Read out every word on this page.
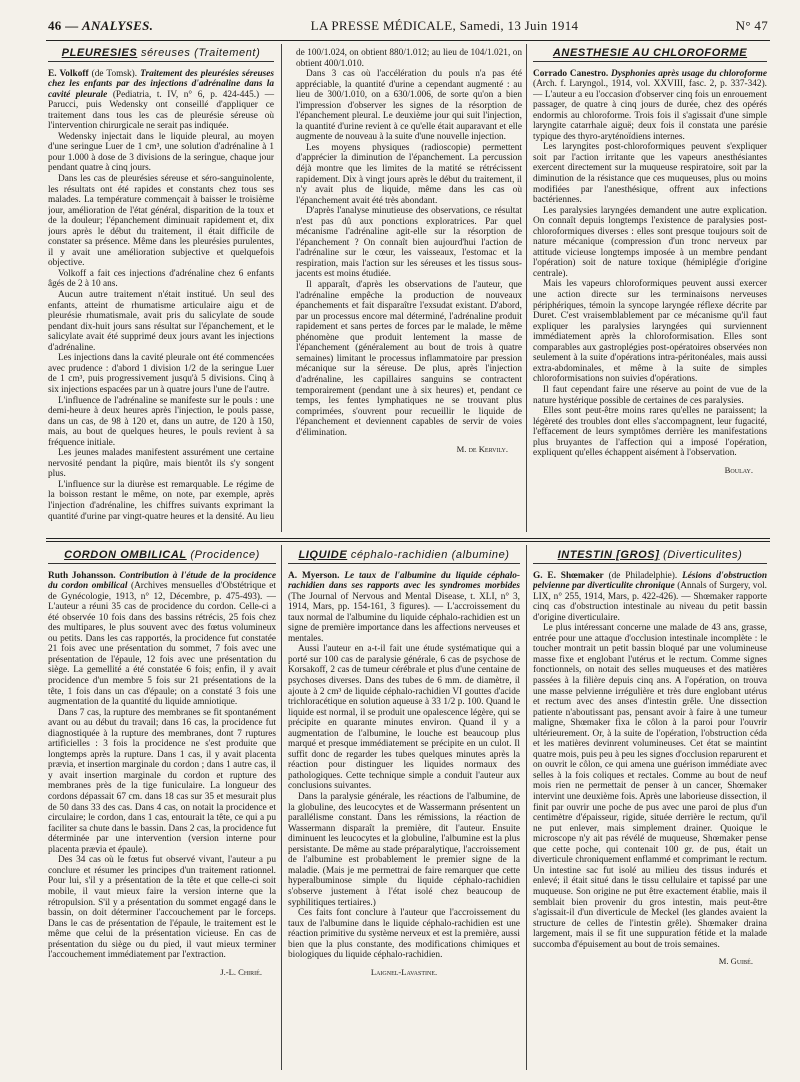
46 — ANALYSES.	LA PRESSE MÉDICALE, Samedi, 13 Juin 1914	N° 47
PLEURÉSIES séreuses (Traitement)

E. Volkoff (de Tomsk). Traitement des pleurésies séreuses chez les enfants par des injections d'adrénaline dans la cavité pleurale (Pediatria, t. IV, n° 6, p. 424-445.) — Parucci, puis Wedensky ont conseillé d'appliquer ce traitement dans tous les cas de pleurésie séreuse où l'intervention chirurgicale ne serait pas indiquée.

Wedensky injectait dans le liquide pleural, au moyen d'une seringue Luer de 1 cm³, une solution d'adrénaline à 1 pour 1.000 à dose de 3 divisions de la seringue, chaque jour pendant quatre à cinq jours.

Dans les cas de pleurésies séreuse et séro-sanguinolente, les résultats ont été rapides et constants chez tous ses malades. La température commençait à baisser le troisième jour, amélioration de l'état général, disparition de la toux et de la douleur; l'épanchement diminuait rapidement et, dix jours après le début du traitement, il était difficile de constater sa présence. Même dans les pleurésies purulentes, il y avait une amélioration subjective et quelquefois objective.

Volkoff a fait ces injections d'adrénaline chez 6 enfants âgés de 2 à 10 ans.

Aucun autre traitement n'était institué. Un seul des enfants, atteint de rhumatisme articulaire aigu et de pleurésie rhumatismale, avait pris du salicylate de soude pendant dix-huit jours sans résultat sur l'épanchement, et le salicylate avait été supprimé deux jours avant les injections d'adrénaline.

Les injections dans la cavité pleurale ont été commencées avec prudence : d'abord 1 division 1/2 de la seringue Luer de 1 cm³, puis progressivement jusqu'à 5 divisions. Cinq à six injections espacées par un à quatre jours l'une de l'autre.

L'influence de l'adrénaline se manifeste sur le pouls : une demi-heure à deux heures après l'injection, le pouls passe, dans un cas, de 98 à 120 et, dans un autre, de 120 à 150, mais, au bout de quelques heures, le pouls revient à sa fréquence initiale.

Les jeunes malades manifestent assurément une certaine nervosité pendant la piqûre, mais bientôt ils s'y songent plus.

L'influence sur la diurèse est remarquable. Le régime de la boisson restant le même, on note, par exemple, après l'injection d'adrénaline, les chiffres suivants exprimant la quantité d'urine par vingt-quatre heures et la densité. Au lieu de 100/1.024, on obtient 880/1.012; au lieu de 104/1.021, on obtient 400/1.010.

Dans 3 cas où l'accélération du pouls n'a pas été appréciable, la quantité d'urine a cependant augmenté : au lieu de 300/1.010, on a 630/1.006, de sorte qu'on a bien l'impression d'observer les signes de la résorption de l'épanchement pleural. Le deuxième jour qui suit l'injection, la quantité d'urine revient à ce qu'elle était auparavant et elle augmente de nouveau à la suite d'une nouvelle injection.

Les moyens physiques (radioscopie) permettent d'apprécier la diminution de l'épanchement. La percussion déjà montre que les limites de la matité se rétrécissent rapidement. Dix à vingt jours après le début du traitement, il n'y avait plus de liquide, même dans les cas où l'épanchement avait été très abondant.

D'après l'analyse minutieuse des observations, ce résultat n'est pas dû aux ponctions exploratrices. Par quel mécanisme l'adrénaline agit-elle sur la résorption de l'épanchement ? On connaît bien aujourd'hui l'action de l'adrénaline sur le cœur, les vaisseaux, l'estomac et la respiration, mais l'action sur les séreuses et les tissus sous-jacents est moins étudiée.

Il apparaît, d'après les observations de l'auteur, que l'adrénaline empêche la production de nouveaux épanchements et fait disparaître l'exsudat existant. D'abord, par un processus encore mal déterminé, l'adrénaline produit rapidement et sans pertes de forces par le malade, le même phénomène que produit lentement la masse de l'épanchement (généralement au bout de trois à quatre semaines) limitant le processus inflammatoire par pression mécanique sur la séreuse. De plus, après l'injection d'adrénaline, les capillaires sanguins se contractent temporairement (pendant une à six heures) et, pendant ce temps, les fentes lymphatiques ne se trouvant plus comprimées, s'ouvrent pour recueillir le liquide de l'épanchement et deviennent capables de servir de voies d'élimination.

M. de Kervily.
ANESTHÉSIE AU CHLOROFORME

Corrado Canestro. Dysphonies après usage du chloroforme (Arch. f. Laryngol., 1914, vol. XXVIII, fasc. 2, p. 337-342). — L'auteur a eu l'occasion d'observer cinq fois un enrouement passager, de quatre à cinq jours de durée, chez des opérés endormis au chloroforme. Trois fois il s'agissait d'une simple laryngite catarrhale aiguë; deux fois il constata une parésie typique des thyro-aryténoïdiens internes.

Les laryngites post-chloroformiques peuvent s'expliquer soit par l'action irritante que les vapeurs anesthésiantes exercent directement sur la muqueuse respiratoire, soit par la diminution de la résistance que ces muqueuses, plus ou moins modifiées par l'anesthésique, offrent aux infections bactériennes.

Les paralysies laryngées demandent une autre explication. On connaît depuis longtemps l'existence de paralysies post-chloroformiques diverses : elles sont presque toujours soit de nature mécanique (compression d'un tronc nerveux par attitude vicieuse longtemps imposée à un membre pendant l'opération) soit de nature toxique (hémiplégie d'origine centrale).

Mais les vapeurs chloroformiques peuvent aussi exercer une action directe sur les terminaisons nerveuses périphériques, témoin la syncope laryngée réflexe décrite par Duret. C'est vraisemblablement par ce mécanisme qu'il faut expliquer les paralysies laryngées qui surviennent immédiatement après la chloroformisation. Elles sont comparables aux gastroplégies post-opératoires observées non seulement à la suite d'opérations intra-péritonéales, mais aussi extra-abdominales, et même à la suite de simples chloroformisations non suivies d'opérations.

Il faut cependant faire une réserve au point de vue de la nature hystérique possible de certaines de ces paralysies.

Elles sont peut-être moins rares qu'elles ne paraissent; la légèreté des troubles dont elles s'accompagnent, leur fugacité, l'effacement de leurs symptômes derrière les manifestations plus bruyantes de l'affection qui a imposé l'opération, expliquent qu'elles échappent aisément à l'observation.

Boulay.
CORDON OMBILICAL (Procidence)

Ruth Johansson. Contribution à l'étude de la procidence du cordon ombilical (Archives mensuelles d'Obstétrique et de Gynécologie, 1913, n° 12, Décembre, p. 475-493). — L'auteur a réuni 35 cas de procidence du cordon. Celle-ci a été observée 10 fois dans des bassins rétrécis, 25 fois chez des multipares, le plus souvent avec des fœtus volumineux ou petits. Dans les cas rapportés, la procidence fut constatée 21 fois avec une présentation du sommet, 7 fois avec une présentation de l'épaule, 12 fois avec une présentation du siège. La gemellité a été constatée 6 fois; enfin, il y avait procidence d'un membre 5 fois sur 21 présentations de la tête, 1 fois dans un cas d'épaule; on a constaté 3 fois une augmentation de la quantité du liquide amniotique.

Dans 7 cas, la rupture des membranes se fit spontanément avant ou au début du travail; dans 16 cas, la procidence fut diagnostiquée à la rupture des membranes, dont 7 ruptures artificielles : 3 fois la procidence ne s'est produite que longtemps après la rupture. Dans 1 cas, il y avait placenta prævia, et insertion marginale du cordon ; dans 1 autre cas, il y avait insertion marginale du cordon et rupture des membranes près de la tige funiculaire. La longueur des cordons dépassait 67 cm. dans 18 cas sur 35 et mesurait plus de 50 dans 33 des cas. Dans 4 cas, on notait la procidence et circulaire; le cordon, dans 1 cas, entourait la tête, ce qui a pu faciliter sa chute dans le bassin. Dans 2 cas, la procidence fut déterminée par une intervention (version interne pour placenta prævia et épaule).

Des 34 cas où le fœtus fut observé vivant, l'auteur a pu conclure et résumer les principes d'un traitement rationnel. Pour lui, s'il y a présentation de la tête et que celle-ci soit mobile, il vaut mieux faire la version interne que la rétropulsion. S'il y a présentation du sommet engagé dans le bassin, on doit déterminer l'accouchement par le forceps. Dans le cas de présentation de l'épaule, le traitement est le même que celui de la présentation vicieuse. En cas de présentation du siège ou du pied, il vaut mieux terminer l'accouchement immédiatement par l'extraction.

J.-L. Chirié.
LIQUIDE céphalo-rachidien (albumine)

A. Myerson. Le taux de l'albumine du liquide céphalo-rachidien dans ses rapports avec les syndromes morbides (The Journal of Nervous and Mental Disease, t. XLI, n° 3, 1914, Mars, pp. 154-161, 3 figures). — L'accroissement du taux normal de l'albumine du liquide céphalo-rachidien est un signe de première importance dans les affections nerveuses et mentales.

Aussi l'auteur en a-t-il fait une étude systématique qui a porté sur 100 cas de paralysie générale, 6 cas de psychose de Korsakoff, 2 cas de tumeur cérébrale et plus d'une centaine de psychoses diverses. Dans des tubes de 6 mm. de diamètre, il ajoute à 2 cm³ de liquide céphalo-rachidien VI gouttes d'acide trichloracétique en solution aqueuse à 33 1/2 p. 100. Quand le liquide est normal, il se produit une opalescence légère, qui se précipite en quarante minutes environ. Quand il y a augmentation de l'albumine, le louche est beaucoup plus marqué et presque immédiatement se précipite en un culot. Il suffit donc de regarder les tubes quelques minutes après la réaction pour distinguer les liquides normaux des pathologiques. Cette technique simple a conduit l'auteur aux conclusions suivantes.

Dans la paralysie générale, les réactions de l'albumine, de la globuline, des leucocytes et de Wassermann présentent un parallélisme constant. Dans les rémissions, la réaction de Wassermann disparaît la première, dit l'auteur. Ensuite diminuent les leucocytes et la globuline, l'albumine est la plus persistante. De même au stade préparalytique, l'accroissement de l'albumine est probablement le premier signe de la maladie. (Mais je me permettrai de faire remarquer que cette hyperalbuminose simple du liquide céphalo-rachidien s'observe justement à l'état isolé chez beaucoup de syphilitiques tertiaires.)

Ces faits font conclure à l'auteur que l'accroissement du taux de l'albumine dans le liquide céphalo-rachidien est une réaction primitive du système nerveux et est la première, aussi bien que la plus constante, des modifications chimiques et biologiques du liquide céphalo-rachidien.

Laignel-Lavastine.
INTESTIN [GROS] (Diverticulites)

G. E. Shœmaker (de Philadelphie). Lésions d'obstruction pelvienne par diverticulite chronique (Annals of Surgery, vol. LIX, n° 255, 1914, Mars, p. 422-426). — Shœmaker rapporte cinq cas d'obstruction intestinale au niveau du petit bassin d'origine diverticulaire.

Le plus intéressant concerne une malade de 43 ans, grasse, entrée pour une attaque d'occlusion intestinale incomplète : le toucher montrait un petit bassin bloqué par une volumineuse masse fixe et englobant l'utérus et le rectum. Comme signes fonctionnels, on notait des selles muqueuses et des matières passées à la filière depuis cinq ans. A l'opération, on trouva une masse pelvienne irrégulière et très dure englobant utérus et rectum avec des anses d'intestin grêle. Une dissection patiente n'aboutissant pas, pensant avoir à faire à une tumeur maligne, Shœmaker fixa le côlon à la paroi pour l'ouvrir ultérieurement. Or, à la suite de l'opération, l'obstruction céda et les matières devinrent volumineuses. Cet état se maintint quatre mois, puis peu à peu les signes d'occlusion reparurent et on ouvrit le côlon, ce qui amena une guérison immédiate avec selles à la fois coliques et rectales. Comme au bout de neuf mois rien ne permettait de penser à un cancer, Shœmaker intervint une deuxième fois. Après une laborieuse dissection, il finit par ouvrir une poche de pus avec une paroi de plus d'un centimètre d'épaisseur, rigide, située derrière le rectum, qu'il ne put enlever, mais simplement drainer. Quoique le microscope n'y ait pas révélé de muqueuse, Shœmaker pense que cette poche, qui contenait 100 gr. de pus, était un diverticule chroniquement enflammé et comprimant le rectum. Un intestine sac fut isolé au milieu des tissus indurés et enlevé; il était situé dans le tissu cellulaire et tapissé par une muqueuse. Son origine ne put être exactement établie, mais il semblait bien provenir du gros intestin, mais peut-être s'agissait-il d'un diverticule de Meckel (les glandes avaient la structure de celles de l'intestin grêle). Shœmaker draina largement, mais il se fit une suppuration fétide et la malade succomba d'épuisement au bout de trois semaines.

M. Guibé.
